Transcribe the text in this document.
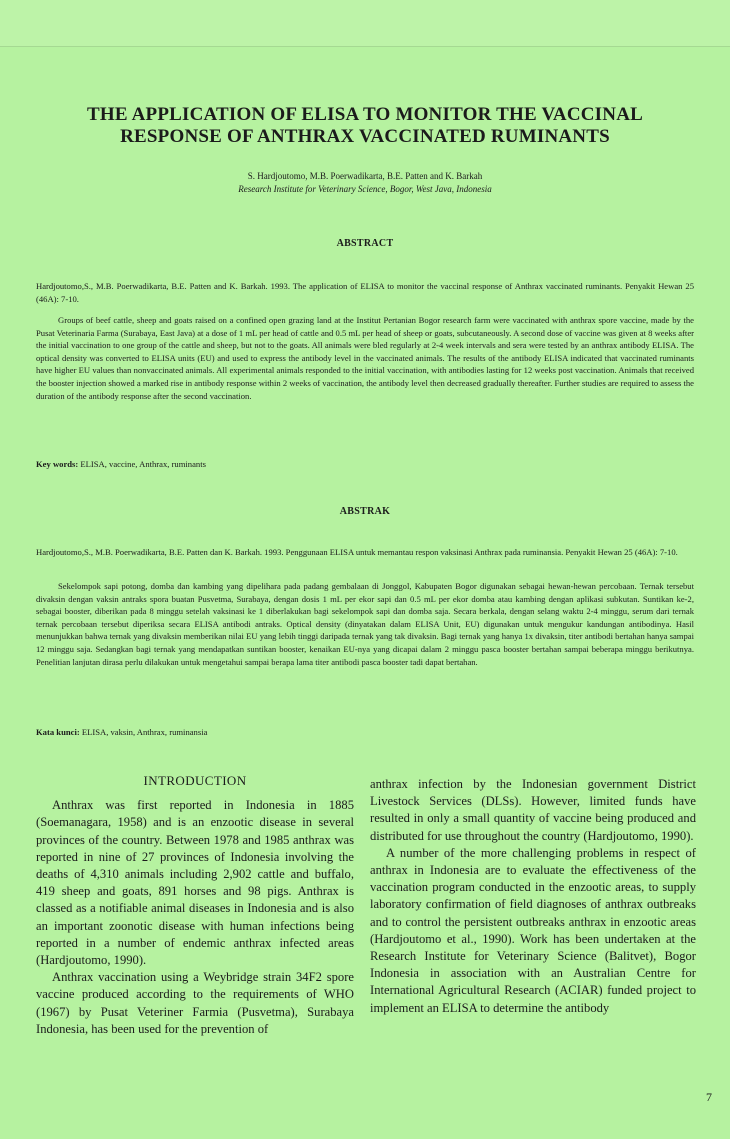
THE APPLICATION OF ELISA TO MONITOR THE VACCINAL RESPONSE OF ANTHRAX VACCINATED RUMINANTS
S. Hardjoutomo, M.B. Poerwadikarta, B.E. Patten and K. Barkah
Research Institute for Veterinary Science, Bogor, West Java, Indonesia
ABSTRACT
Hardjoutomo,S., M.B. Poerwadikarta, B.E. Patten and K. Barkah. 1993. The application of ELISA to monitor the vaccinal response of Anthrax vaccinated ruminants. Penyakit Hewan 25 (46A): 7-10.
Groups of beef cattle, sheep and goats raised on a confined open grazing land at the Institut Pertanian Bogor research farm were vaccinated with anthrax spore vaccine, made by the Pusat Veterinaria Farma (Surabaya, East Java) at a dose of 1 mL per head of cattle and 0.5 mL per head of sheep or goats, subcutaneously. A second dose of vaccine was given at 8 weeks after the initial vaccination to one group of the cattle and sheep, but not to the goats. All animals were bled regularly at 2-4 week intervals and sera were tested by an anthrax antibody ELISA. The optical density was converted to ELISA units (EU) and used to express the antibody level in the vaccinated animals. The results of the antibody ELISA indicated that vaccinated ruminants have higher EU values than nonvaccinated animals. All experimental animals responded to the initial vaccination, with antibodies lasting for 12 weeks post vaccination. Animals that received the booster injection showed a marked rise in antibody response within 2 weeks of vaccination, the antibody level then decreased gradually thereafter. Further studies are required to assess the duration of the antibody response after the second vaccination.
Key words: ELISA, vaccine, Anthrax, ruminants
ABSTRAK
Hardjoutomo,S., M.B. Poerwadikarta, B.E. Patten dan K. Barkah. 1993. Penggunaan ELISA untuk memantau respon vaksinasi Anthrax pada ruminansia. Penyakit Hewan 25 (46A): 7-10.
Sekelompok sapi potong, domba dan kambing yang dipelihara pada padang gembalaan di Jonggol, Kabupaten Bogor digunakan sebagai hewan-hewan percobaan. Ternak tersebut divaksin dengan vaksin antraks spora buatan Pusvetma, Surabaya, dengan dosis 1 mL per ekor sapi dan 0.5 mL per ekor domba atau kambing dengan aplikasi subkutan. Suntikan ke-2, sebagai booster, diberikan pada 8 minggu setelah vaksinasi ke 1 diberlakukan bagi sekelompok sapi dan domba saja. Secara berkala, dengan selang waktu 2-4 minggu, serum dari ternak ternak percobaan tersebut diperiksa secara ELISA antibodi antraks. Optical density (dinyatakan dalam ELISA Unit, EU) digunakan untuk mengukur kandungan antibodinya. Hasil menunjukkan bahwa ternak yang divaksin memberikan nilai EU yang lebih tinggi daripada ternak yang tak divaksin. Bagi ternak yang hanya 1x divaksin, titer antibodi bertahan hanya sampai 12 minggu saja. Sedangkan bagi ternak yang mendapatkan suntikan booster, kenaikan EU-nya yang dicapai dalam 2 minggu pasca booster bertahan sampai beberapa minggu berikutnya. Penelitian lanjutan dirasa perlu dilakukan untuk mengetahui sampai berapa lama titer antibodi pasca booster tadi dapat bertahan.
Kata kunci: ELISA, vaksin, Anthrax, ruminansia
INTRODUCTION

Anthrax was first reported in Indonesia in 1885 (Soemanagara, 1958) and is an enzootic disease in several provinces of the country. Between 1978 and 1985 anthrax was reported in nine of 27 provinces of Indonesia involving the deaths of 4,310 animals including 2,902 cattle and buffalo, 419 sheep and goats, 891 horses and 98 pigs. Anthrax is classed as a notifiable animal diseases in Indonesia and is also an important zoonotic disease with human infections being reported in a number of endemic anthrax infected areas (Hardjoutomo, 1990).

Anthrax vaccination using a Weybridge strain 34F2 spore vaccine produced according to the requirements of WHO (1967) by Pusat Veteriner Farmia (Pusvetma), Surabaya Indonesia, has been used for the prevention of

anthrax infection by the Indonesian government District Livestock Services (DLSs). However, limited funds have resulted in only a small quantity of vaccine being produced and distributed for use throughout the country (Hardjoutomo, 1990).

A number of the more challenging problems in respect of anthrax in Indonesia are to evaluate the effectiveness of the vaccination program conducted in the enzootic areas, to supply laboratory confirmation of field diagnoses of anthrax outbreaks and to control the persistent outbreaks anthrax in enzootic areas (Hardjoutomo et al., 1990). Work has been undertaken at the Research Institute for Veterinary Science (Balitvet), Bogor Indonesia in association with an Australian Centre for International Agricultural Research (ACIAR) funded project to implement an ELISA to determine the antibody

7
